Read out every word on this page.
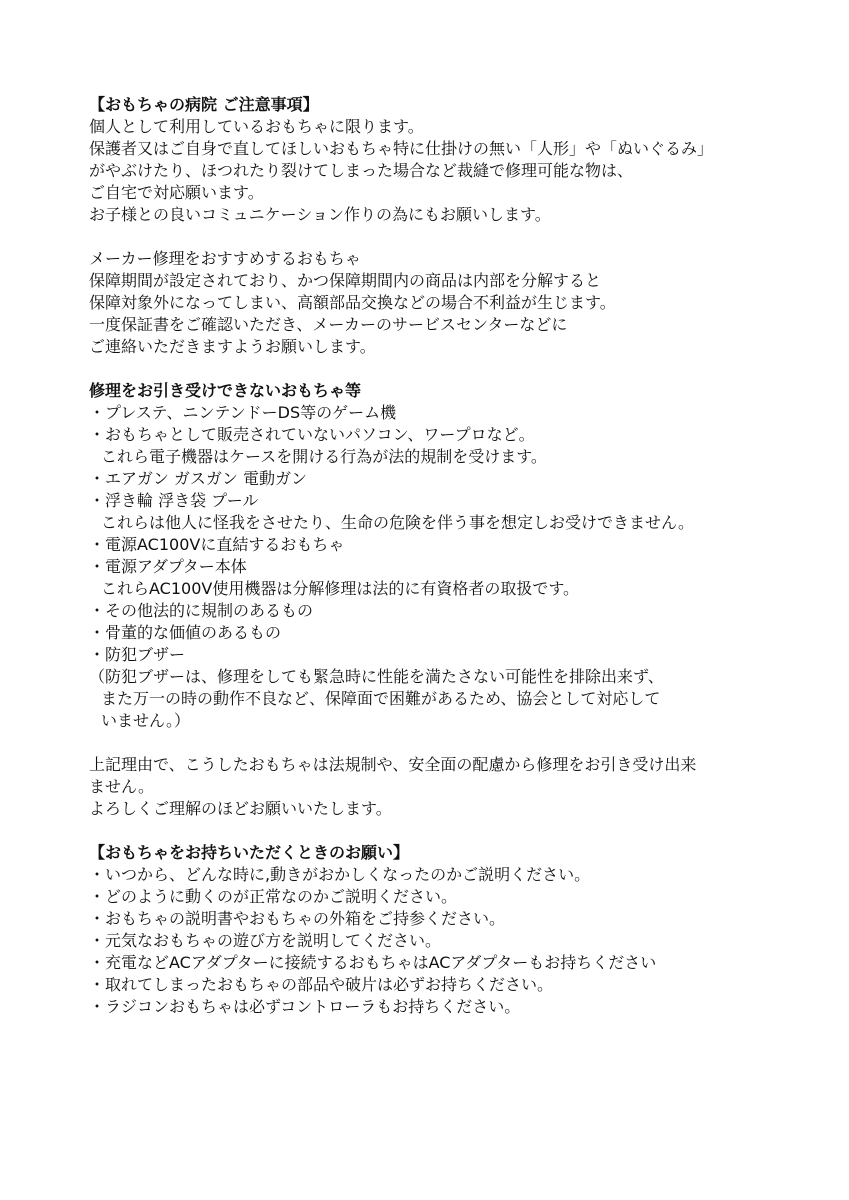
【おもちゃの病院 ご注意事項】
個人として利用しているおもちゃに限ります。
保護者又はご自身で直してほしいおもちゃ特に仕掛けの無い「人形」や「ぬいぐるみ」
がやぶけたり、ほつれたり裂けてしまった場合など裁縫で修理可能な物は、
ご自宅で対応願います。
お子様との良いコミュニケーション作りの為にもお願いします。
メーカー修理をおすすめするおもちゃ
保障期間が設定されており、かつ保障期間内の商品は内部を分解すると
保障対象外になってしまい、高額部品交換などの場合不利益が生じます。
一度保証書をご確認いただき、メーカーのサービスセンターなどに
ご連絡いただきますようお願いします。
修理をお引き受けできないおもちゃ等
・プレステ、ニンテンドーDS等のゲーム機
・おもちゃとして販売されていないパソコン、ワープロなど。
これら電子機器はケースを開ける行為が法的規制を受けます。
・エアガン ガスガン 電動ガン
・浮き輪 浮き袋 プール
これらは他人に怪我をさせたり、生命の危険を伴う事を想定しお受けできません。
・電源AC100Vに直結するおもちゃ
・電源アダプター本体
これらAC100V使用機器は分解修理は法的に有資格者の取扱です。
・その他法的に規制のあるもの
・骨董的な価値のあるもの
・防犯ブザー
（防犯ブザーは、修理をしても緊急時に性能を満たさない可能性を排除出来ず、
また万一の時の動作不良など、保障面で困難があるため、協会として対応して
いません。）
上記理由で、こうしたおもちゃは法規制や、安全面の配慮から修理をお引き受け出来
ません。
よろしくご理解のほどお願いいたします。
【おもちゃをお持ちいただくときのお願い】
・いつから、どんな時に,動きがおかしくなったのかご説明ください。
・どのように動くのが正常なのかご説明ください。
・おもちゃの説明書やおもちゃの外箱をご持参ください。
・元気なおもちゃの遊び方を説明してください。
・充電などACアダプターに接続するおもちゃはACアダプターもお持ちください
・取れてしまったおもちゃの部品や破片は必ずお持ちください。
・ラジコンおもちゃは必ずコントローラもお持ちください。
